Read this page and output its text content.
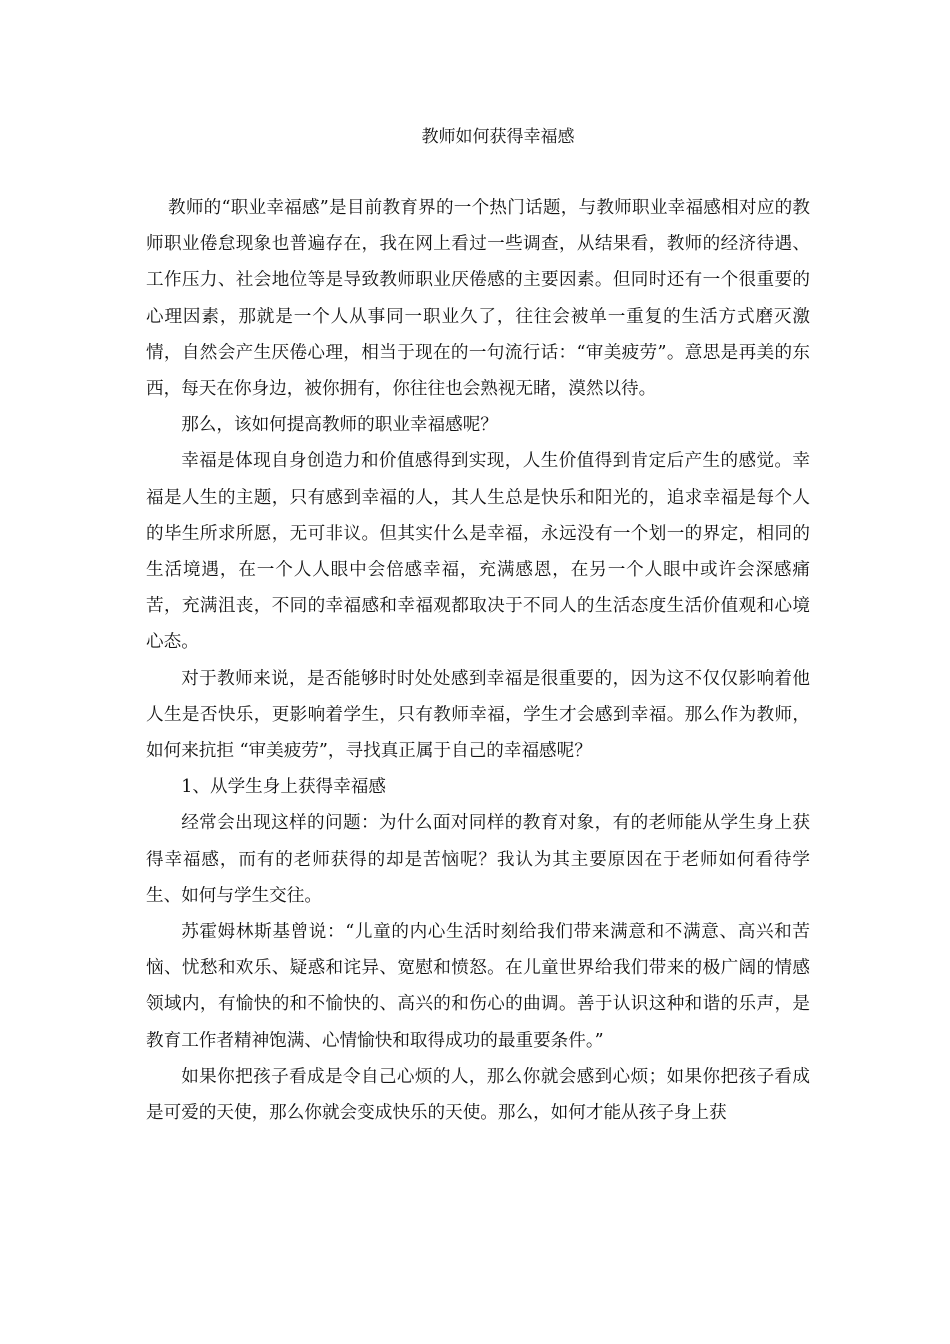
教师如何获得幸福感

教师的“职业幸福感”是目前教育界的一个热门话题，与教师职业幸福感相对应的教师职业倦怠现象也普遍存在，我在网上看过一些调查，从结果看，教师的经济待遇、工作压力、社会地位等是导致教师职业厌倦感的主要因素。但同时还有一个很重要的心理因素，那就是一个人从事同一职业久了，往往会被单一重复的生活方式磨灭激情，自然会产生厌倦心理，相当于现在的一句流行话：“审美疲劳”。意思是再美的东西，每天在你身边，被你拥有，你往往也会熟视无睹，漠然以待。

那么，该如何提高教师的职业幸福感呢？

幸福是体现自身创造力和价值感得到实现，人生价值得到肯定后产生的感觉。幸福是人生的主题，只有感到幸福的人，其人生总是快乐和阳光的，追求幸福是每个人的毕生所求所愿，无可非议。但其实什么是幸福，永远没有一个划一的界定，相同的生活境遇，在一个人人眼中会倍感幸福，充满感恩，在另一个人眼中或许会深感痛苦，充满沮丧，不同的幸福感和幸福观都取决于不同人的生活态度生活价值观和心境心态。

对于教师来说，是否能够时时处处感到幸福是很重要的，因为这不仅仅影响着他人生是否快乐，更影响着学生，只有教师幸福，学生才会感到幸福。那么作为教师，如何来抗拒 “审美疲劳”，寻找真正属于自己的幸福感呢？

1、从学生身上获得幸福感

经常会出现这样的问题：为什么面对同样的教育对象，有的老师能从学生身上获得幸福感，而有的老师获得的却是苦恼呢？我认为其主要原因在于老师如何看待学生、如何与学生交往。

苏霍姆林斯基曾说：“儿童的内心生活时刻给我们带来满意和不满意、高兴和苦恼、忧愁和欢乐、疑惑和诧异、宽慰和愤怒。在儿童世界给我们带来的极广阔的情感领域内，有愉快的和不愉快的、高兴的和伤心的曲调。善于认识这种和谐的乐声，是教育工作者精神饱满、心情愉快和取得成功的最重要条件。”

如果你把孩子看成是令自己心烦的人，那么你就会感到心烦；如果你把孩子看成是可爱的天使，那么你就会变成快乐的天使。那么，如何才能从孩子身上获
